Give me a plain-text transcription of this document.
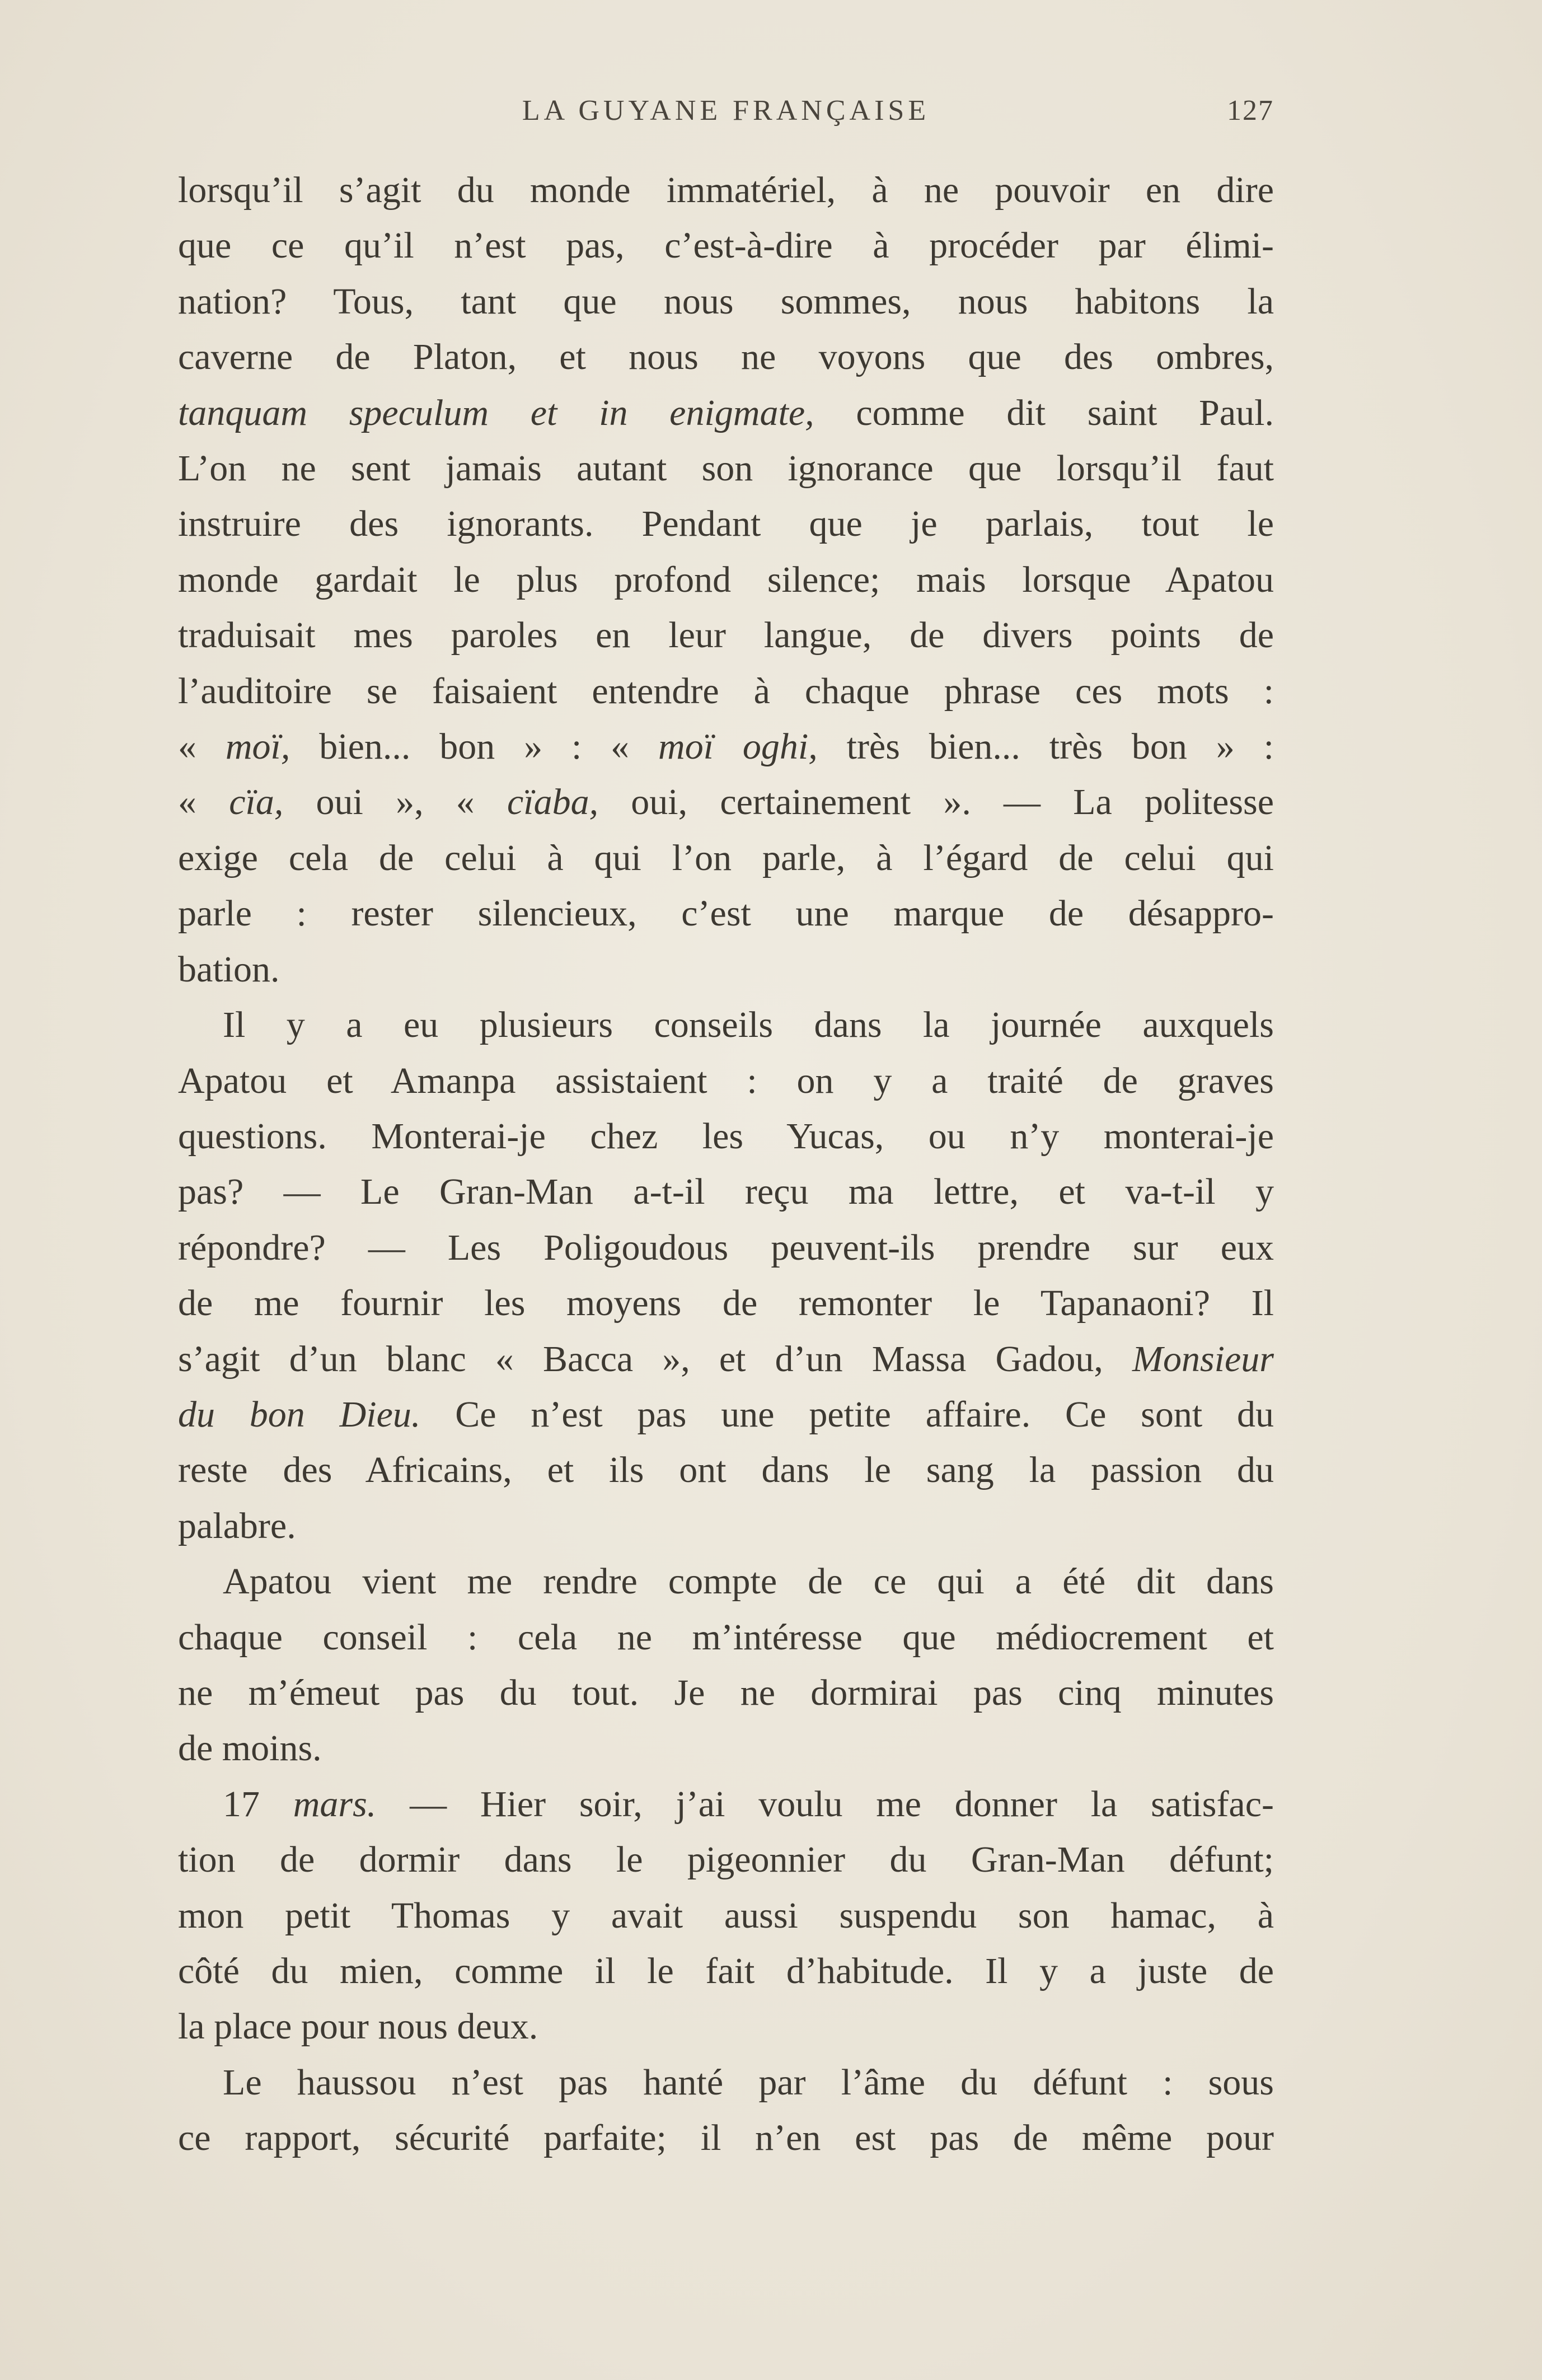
LA GUYANE FRANÇAISE	127
lorsqu’il s’agit du monde immatériel, à ne pouvoir en dire
que ce qu’il n’est pas, c’est-à-dire à procéder par élimi-
nation? Tous, tant que nous sommes, nous habitons la
caverne de Platon, et nous ne voyons que des ombres,
tanquam speculum et in enigmate, comme dit saint Paul.
L’on ne sent jamais autant son ignorance que lorsqu’il faut
instruire des ignorants. Pendant que je parlais, tout le
monde gardait le plus profond silence; mais lorsque Apatou
traduisait mes paroles en leur langue, de divers points de
l’auditoire se faisaient entendre à chaque phrase ces mots :
« moï, bien... bon » : « moï oghi, très bien... très bon » :
« cïa, oui », « cïaba, oui, certainement ». — La politesse
exige cela de celui à qui l’on parle, à l’égard de celui qui
parle : rester silencieux, c’est une marque de désappro-
bation.
Il y a eu plusieurs conseils dans la journée auxquels
Apatou et Amanpa assistaient : on y a traité de graves
questions. Monterai-je chez les Yucas, ou n’y monterai-je
pas? — Le Gran-Man a-t-il reçu ma lettre, et va-t-il y
répondre? — Les Poligoudous peuvent-ils prendre sur eux
de me fournir les moyens de remonter le Tapanaoni? Il
s’agit d’un blanc « Bacca », et d’un Massa Gadou, Monsieur
du bon Dieu. Ce n’est pas une petite affaire. Ce sont du
reste des Africains, et ils ont dans le sang la passion du
palabre.
Apatou vient me rendre compte de ce qui a été dit dans
chaque conseil : cela ne m’intéresse que médiocrement et
ne m’émeut pas du tout. Je ne dormirai pas cinq minutes
de moins.
17 mars. — Hier soir, j’ai voulu me donner la satisfac-
tion de dormir dans le pigeonnier du Gran-Man défunt;
mon petit Thomas y avait aussi suspendu son hamac, à
côté du mien, comme il le fait d’habitude. Il y a juste de
la place pour nous deux.
Le haussou n’est pas hanté par l’âme du défunt : sous
ce rapport, sécurité parfaite; il n’en est pas de même pour
